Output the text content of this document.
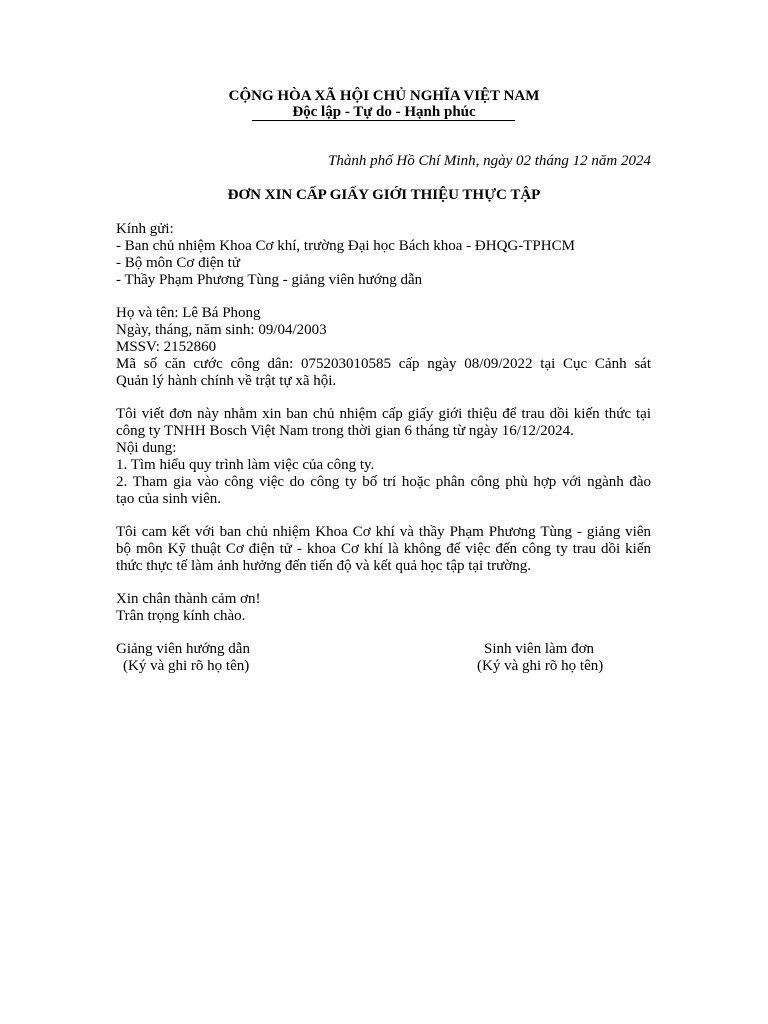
CỘNG HÒA XÃ HỘI CHỦ NGHĨA VIỆT NAM
Độc lập - Tự do - Hạnh phúc
Thành phố Hồ Chí Minh, ngày 02 tháng 12 năm 2024
ĐƠN XIN CẤP GIẤY GIỚI THIỆU THỰC TẬP
Kính gửi:
- Ban chủ nhiệm Khoa Cơ khí, trường Đại học Bách khoa - ĐHQG-TPHCM
- Bộ môn Cơ điện tử
- Thầy Phạm Phương Tùng - giảng viên hướng dẫn
Họ và tên: Lê Bá Phong
Ngày, tháng, năm sinh: 09/04/2003
MSSV: 2152860
Mã số căn cước công dân: 075203010585 cấp ngày 08/09/2022 tại Cục Cảnh sát
Quản lý hành chính về trật tự xã hội.
Tôi viết đơn này nhằm xin ban chủ nhiệm cấp giấy giới thiệu để trau dồi kiến thức tại
công ty TNHH Bosch Việt Nam trong thời gian 6 tháng từ ngày 16/12/2024.
Nội dung:
1. Tìm hiểu quy trình làm việc của công ty.
2. Tham gia vào công việc do công ty bố trí hoặc phân công phù hợp với ngành đào
tạo của sinh viên.
Tôi cam kết với ban chủ nhiệm Khoa Cơ khí và thầy Phạm Phương Tùng - giảng viên
bộ môn Kỹ thuật Cơ điện tử - khoa Cơ khí là không để việc đến công ty trau dồi kiến
thức thực tế làm ảnh hưởng đến tiến độ và kết quả học tập tại trường.
Xin chân thành cảm ơn!
Trân trọng kính chào.
Giảng viên hướng dẫn
(Ký và ghi rõ họ tên)
Sinh viên làm đơn
(Ký và ghi rõ họ tên)
